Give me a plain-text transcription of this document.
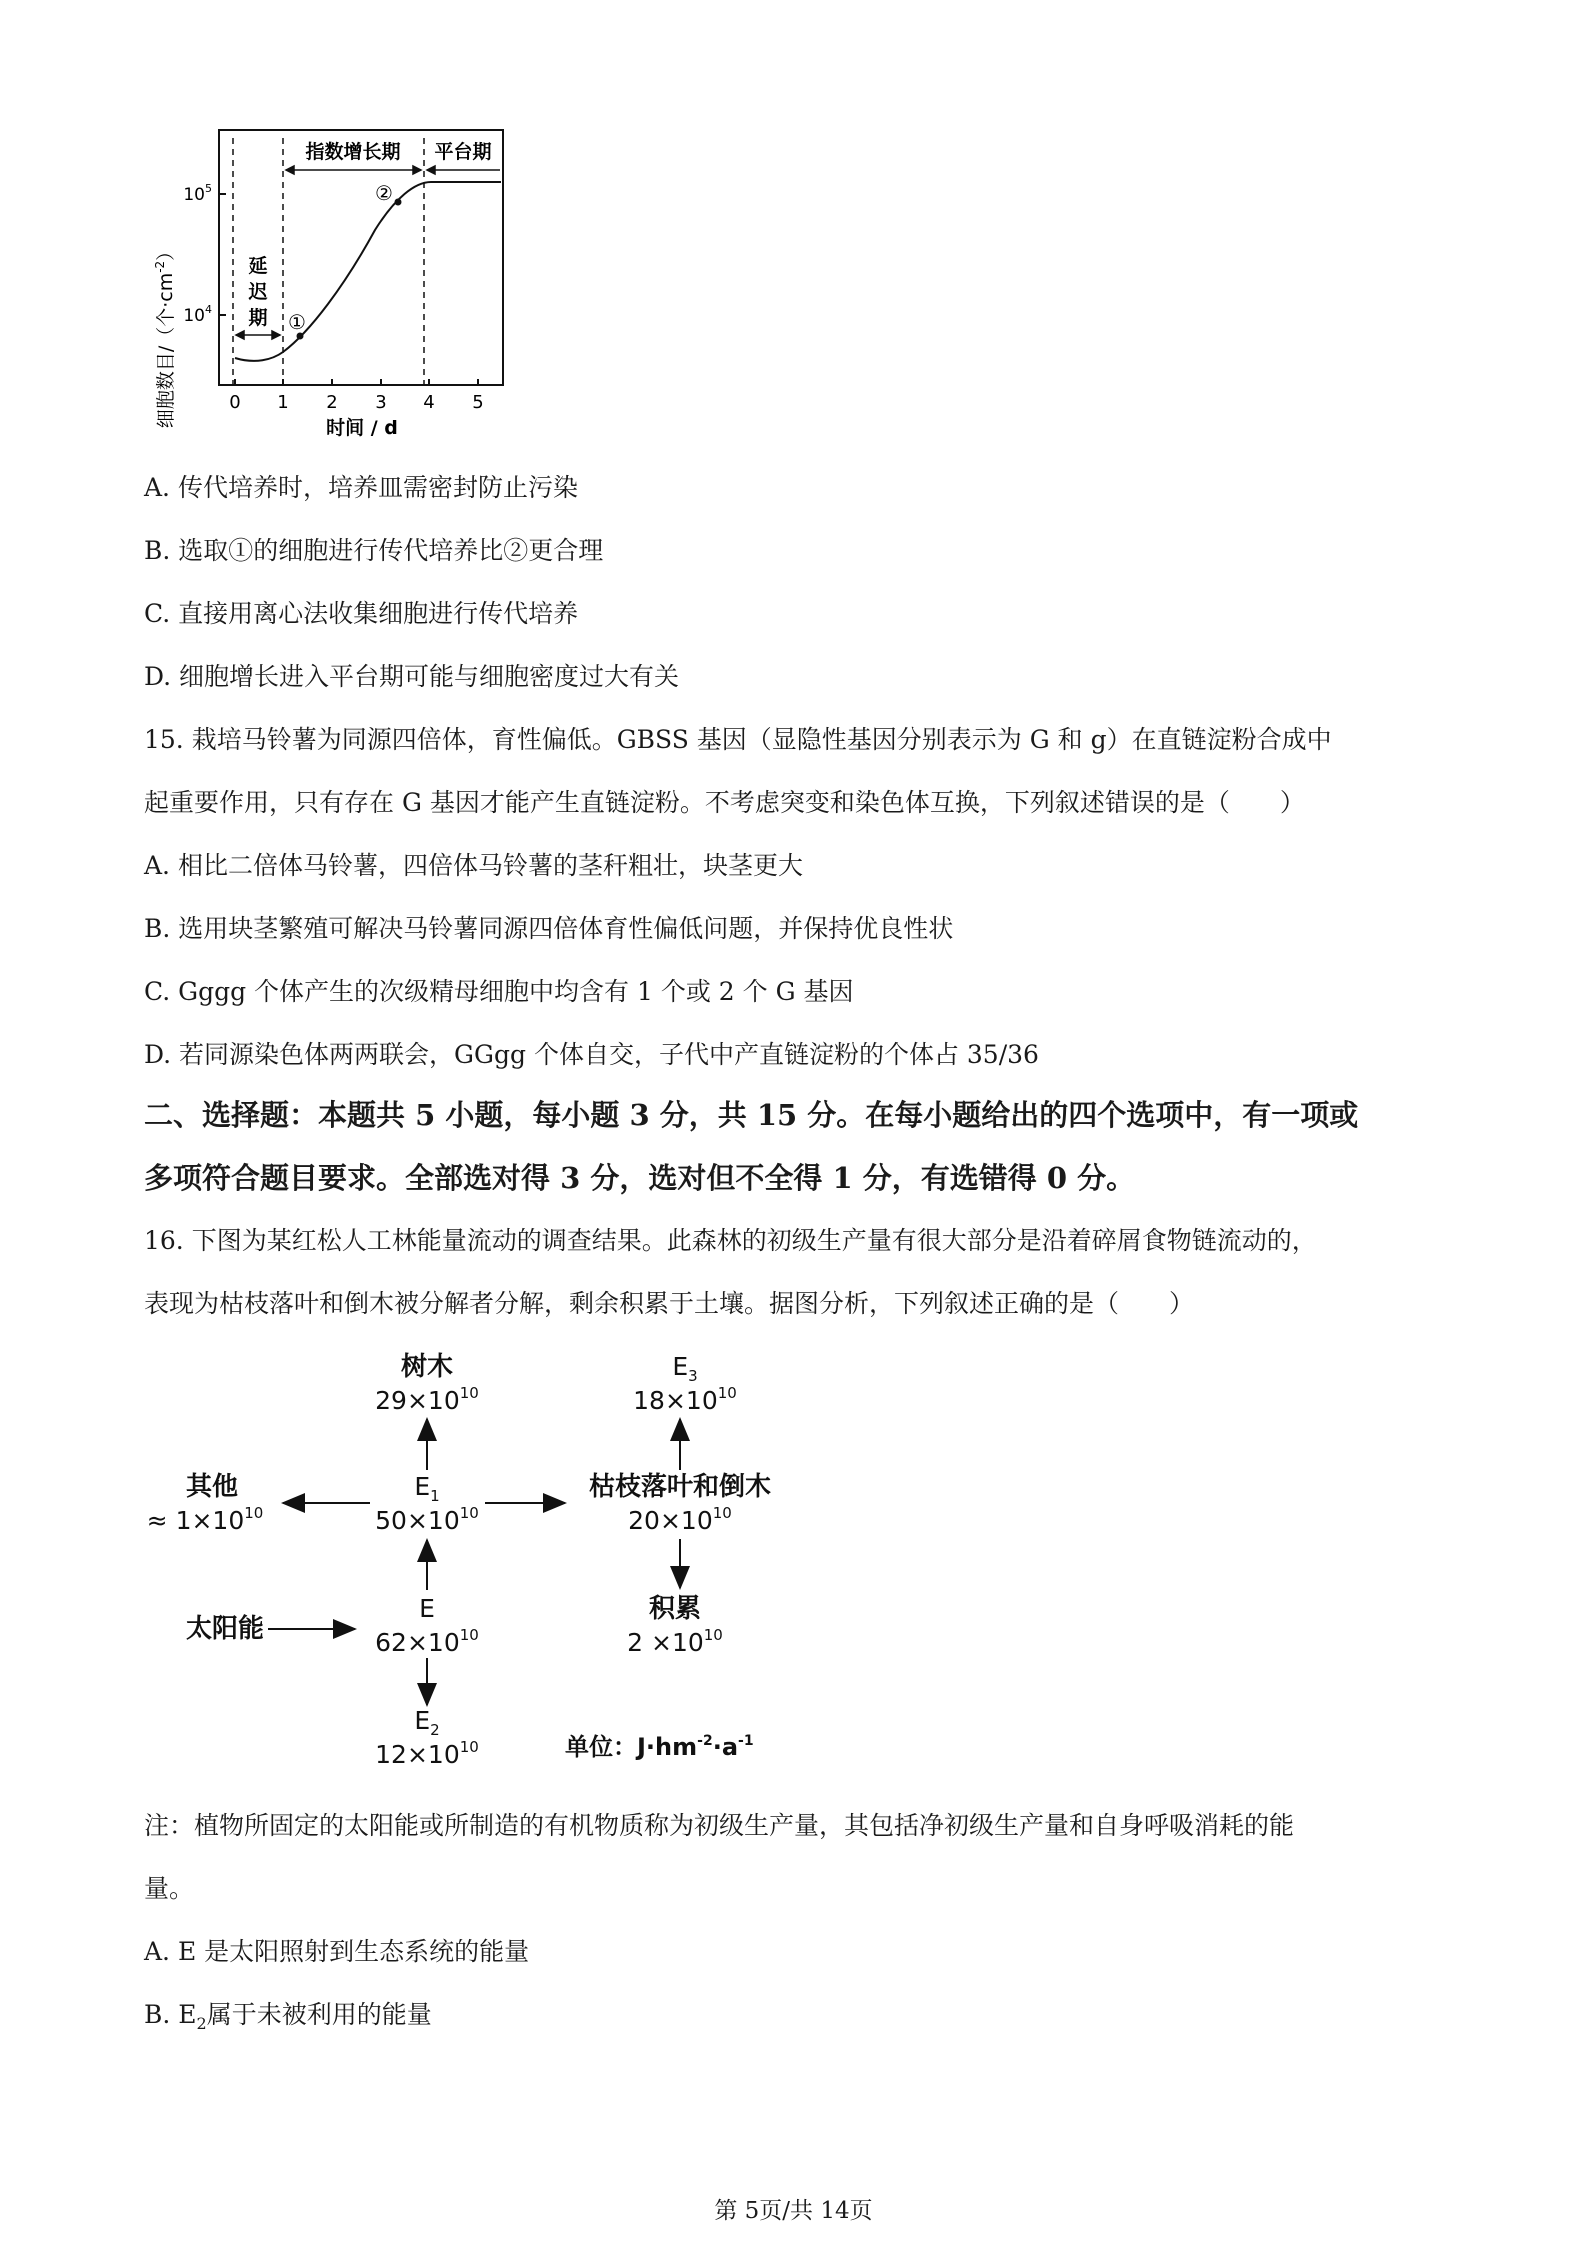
细胞数目/（个$\cdot cm^{-2}$）
$10^5$
$10^4$
0 1 2 3 4 5
时间 / d
指数增长期 平台期
延
迟
期 ①
②
A. 传代培养时，培养皿需密封防止污染
B. 选取①的细胞进行传代培养比②更合理
C. 直接用离心法收集细胞进行传代培养
D. 细胞增长进入平台期可能与细胞密度过大有关
15. 栽培马铃薯为同源四倍体，育性偏低。GBSS 基因（显隐性基因分别表示为 G 和 g）在直链淀粉合成中
起重要作用，只有存在 G 基因才能产生直链淀粉。不考虑突变和染色体互换，下列叙述错误的是（　　）
A. 相比二倍体马铃薯，四倍体马铃薯的茎秆粗壮，块茎更大
B. 选用块茎繁殖可解决马铃薯同源四倍体育性偏低问题，并保持优良性状
C. Gggg 个体产生的次级精母细胞中均含有 1 个或 2 个 G 基因
D. 若同源染色体两两联会，GGgg 个体自交，子代中产直链淀粉的个体占 35/36
二、选择题：本题共 5 小题，每小题 3 分，共 15 分。在每小题给出的四个选项中，有一项或
多项符合题目要求。全部选对得 3 分，选对但不全得 1 分，有选错得 0 分。
16. 下图为某红松人工林能量流动的调查结果。此森林的初级生产量有很大部分是沿着碎屑食物链流动的，
表现为枯枝落叶和倒木被分解者分解，剩余积累于土壤。据图分析，下列叙述正确的是（　　）
树木
$29\times 10^{10}$
$E_3$
$18\times 10^{10}$
其他
≈ $1\times 10^{10}$
$E_1$
$50\times 10^{10}$
枯枝落叶和倒木
$20\times 10^{10}$
太阳能
E
$62\times 10^{10}$
积累
$2 \times 10^{10}$
$E_2$
$12\times 10^{10}$	单位：$J\cdot hm^{-2}\cdot a^{-1}$
注：植物所固定的太阳能或所制造的有机物质称为初级生产量，其包括净初级生产量和自身呼吸消耗的能
量。
A. E 是太阳照射到生态系统的能量
B. $E_2$属于未被利用的能量
第 5页/共 14页
